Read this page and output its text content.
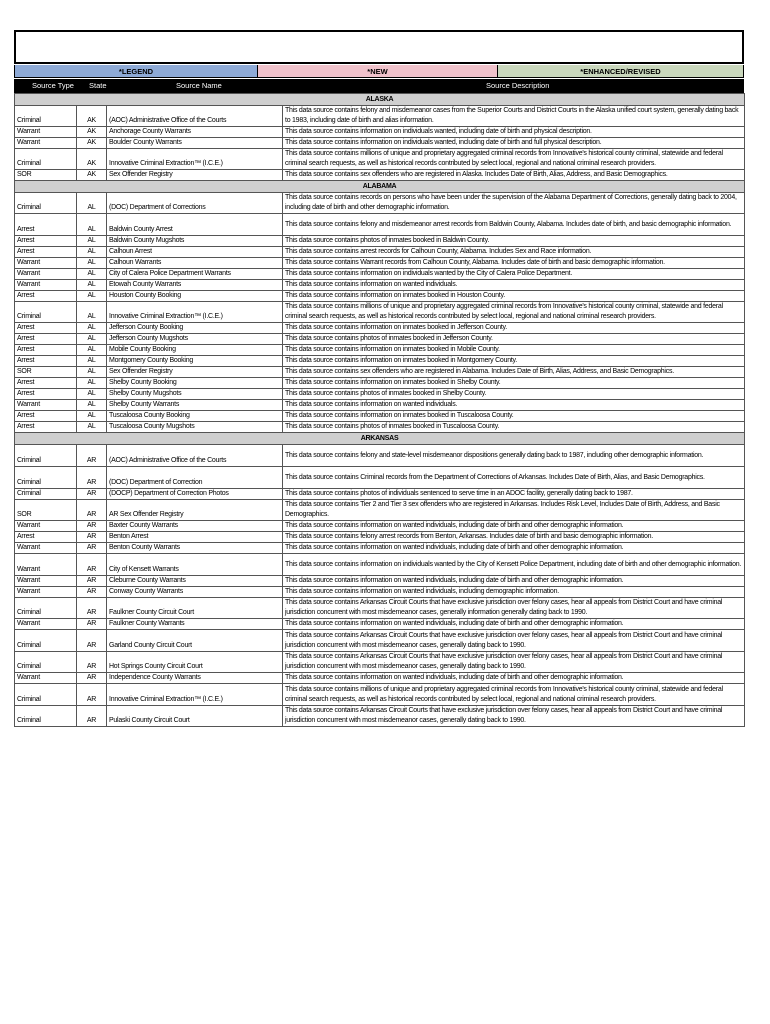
*LEGEND	*NEW	*ENHANCED/REVISED
Source Type State	Source Name	Source Description
ALASKA			
Criminal	AK	(AOC) Administrative Office of the Courts	This data source contains felony and misdemeanor cases from the Superior Courts and District Courts in the Alaska unified court system, generally dating back to 1983, including date of birth and alias information.
Warrant	AK	Anchorage County Warrants	This data source contains information on individuals wanted, including date of birth and physical description.
Warrant	AK	Boulder County Warrants	This data source contains information on individuals wanted, including date of birth and full physical description.
Criminal	AK	Innovative Criminal Extraction™ (I.C.E.)	This data source contains millions of unique and proprietary aggregated criminal records from Innovative's historical county criminal, statewide and federal criminal search requests, as well as historical records contributed by select local, regional and national criminal research providers.
SOR	AK	Sex Offender Registry	This data source contains sex offenders who are registered in Alaska. Includes Date of Birth, Alias, Address, and Basic Demographics.
ALABAMA			
Criminal	AL	(DOC) Department of Corrections	This data source contains records on persons who have been under the supervision of the Alabama Department of Corrections, generally dating back to 2004, including date of birth and other demographic information.
Arrest	AL	Baldwin County Arrest	This data source contains felony and misdemeanor arrest records from Baldwin County, Alabama. Includes date of birth, and basic demographic information.
Arrest	AL	Baldwin County Mugshots	This data source contains photos of inmates booked in Baldwin County.
Arrest	AL	Calhoun Arrest	This data source contains arrest records for Calhoun County, Alabama. Includes Sex and Race information.
Warrant	AL	Calhoun Warrants	This data source contains Warrant records from Calhoun County, Alabama. Includes date of birth and basic demographic information.
Warrant	AL	City of Calera Police Department Warrants	This data source contains information on individuals wanted by the City of Calera Police Department.
Warrant	AL	Etowah County Warrants	This data source contains information on wanted individuals.
Arrest	AL	Houston County Booking	This data source contains information on inmates booked in Houston County.
Criminal	AL	Innovative Criminal Extraction™ (I.C.E.)	This data source contains millions of unique and proprietary aggregated criminal records from Innovative's historical county criminal, statewide and federal criminal search requests, as well as historical records contributed by select local, regional and national criminal research providers.
Arrest	AL	Jefferson County Booking	This data source contains information on inmates booked in Jefferson County.
Arrest	AL	Jefferson County Mugshots	This data source contains photos of inmates booked in Jefferson County.
Arrest	AL	Mobile County Booking	This data source contains information on inmates booked in Mobile County.
Arrest	AL	Montgomery County Booking	This data source contains information on inmates booked in Montgomery County.
SOR	AL	Sex Offender Registry	This data source contains sex offenders who are registered in Alabama. Includes Date of Birth, Alias, Address, and Basic Demographics.
Arrest	AL	Shelby County Booking	This data source contains information on inmates booked in Shelby County.
Arrest	AL	Shelby County Mugshots	This data source contains photos of inmates booked in Shelby County.
Warrant	AL	Shelby County Warrants	This data source contains information on wanted individuals.
Arrest	AL	Tuscaloosa County Booking	This data source contains information on inmates booked in Tuscaloosa County.
Arrest	AL	Tuscaloosa County Mugshots	This data source contains photos of inmates booked in Tuscaloosa County.
ARKANSAS			
Criminal	AR	(AOC) Administrative Office of the Courts	This data source contains felony and state-level misdemeanor dispositions generally dating back to 1987, including other demographic information.
Criminal	AR	(DOC) Department of Correction	This data source contains Criminal records from the Department of Corrections of Arkansas. Includes Date of Birth, Alias, and Basic Demographics.
Criminal	AR	(DOCP) Department of Correction Photos	This data source contains photos of individuals sentenced to serve time in an ADOC facility, generally dating back to 1987.
SOR	AR	AR Sex Offender Registry	This data source contains Tier 2 and Tier 3 sex offenders who are registered in Arkansas. Includes Risk Level, Includes Date of Birth, Address, and Basic Demographics.
Warrant	AR	Baxter County Warrants	This data source contains information on wanted individuals, including date of birth and other demographic information.
Arrest	AR	Benton Arrest	This data source contains felony arrest records from Benton, Arkansas. Includes date of birth and basic demographic information.
Warrant	AR	Benton County Warrants	This data source contains information on wanted individuals, including date of birth and other demographic information.
Warrant	AR	City of Kensett Warrants	This data source contains information on individuals wanted by the City of Kensett Police Department, including date of birth and other demographic information.
Warrant	AR	Cleburne County Warrants	This data source contains information on wanted individuals, including date of birth and other demographic information.
Warrant	AR	Conway County Warrants	This data source contains information on wanted individuals, including demographic information.
Criminal	AR	Faulkner County Circuit Court	This data source contains Arkansas Circuit Courts that have exclusive jurisdiction over felony cases, hear all appeals from District Court and have criminal jurisdiction concurrent with most misdemeanor cases, generally information generally dating back to 1990.
Warrant	AR	Faulkner County Warrants	This data source contains information on wanted individuals, including date of birth and other demographic information.
Criminal	AR	Garland County Circuit Court	This data source contains Arkansas Circuit Courts that have exclusive jurisdiction over felony cases, hear all appeals from District Court and have criminal jurisdiction concurrent with most misdemeanor cases, generally dating back to 1990.
Criminal	AR	Hot Springs County Circuit Court	This data source contains Arkansas Circuit Courts that have exclusive jurisdiction over felony cases, hear all appeals from District Court and have criminal jurisdiction concurrent with most misdemeanor cases, generally dating back to 1990.
Warrant	AR	Independence County Warrants	This data source contains information on wanted individuals, including date of birth and other demographic information.
Criminal	AR	Innovative Criminal Extraction™ (I.C.E.)	This data source contains millions of unique and proprietary aggregated criminal records from Innovative's historical county criminal, statewide and federal criminal search requests, as well as historical records contributed by select local, regional and national criminal research providers.
Criminal	AR	Pulaski County Circuit Court	This data source contains Arkansas Circuit Courts that have exclusive jurisdiction over felony cases, hear all appeals from District Court and have criminal jurisdiction concurrent with most misdemeanor cases, generally dating back to 1990.
